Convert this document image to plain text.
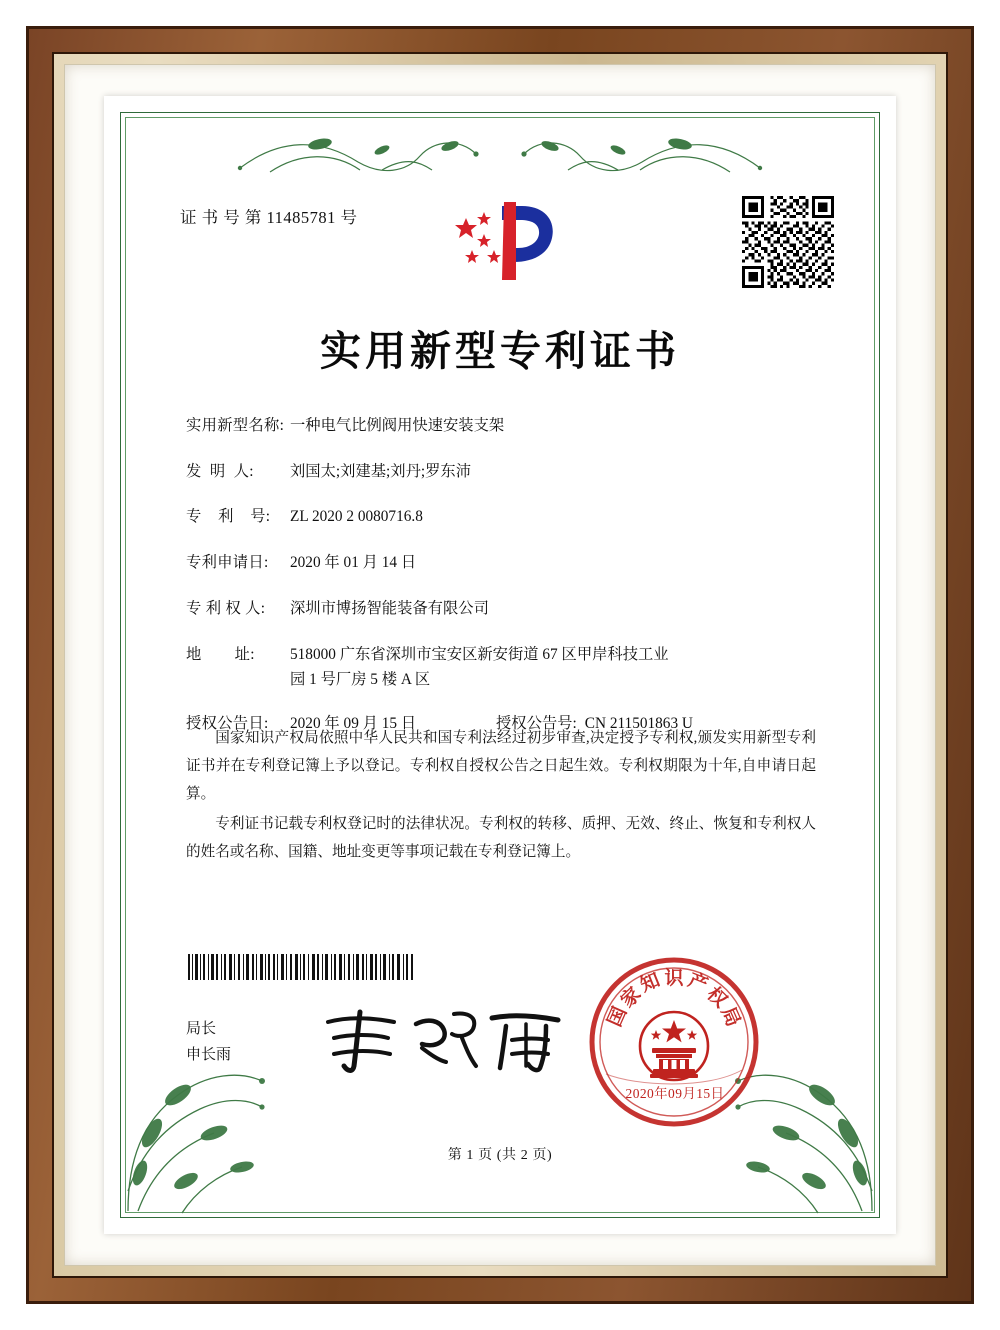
证 书 号 第 11485781 号
实用新型专利证书
实用新型名称: 一种电气比例阀用快速安装支架
发  明  人:	刘国太;刘建基;刘丹;罗东沛
专    利    号:	ZL 2020 2 0080716.8
专利申请日:	2020 年 01 月 14 日
专 利 权 人:	深圳市博扬智能装备有限公司
地        址:	518000 广东省深圳市宝安区新安街道 67 区甲岸科技工业
园 1 号厂房 5 楼 A 区
授权公告日:	2020 年 09 月 15 日	授权公告号: CN 211501863 U

国家知识产权局依照中华人民共和国专利法经过初步审查,决定授予专利权,颁发实用新型专利证书并在专利登记簿上予以登记。专利权自授权公告之日起生效。专利权期限为十年,自申请日起算。

专利证书记载专利权登记时的法律状况。专利权的转移、质押、无效、终止、恢复和专利权人的姓名或名称、国籍、地址变更等事项记载在专利登记簿上。

局长
申长雨
国
家
知 识 产
权
局
2020年09月15日
第 1 页 (共 2 页)
